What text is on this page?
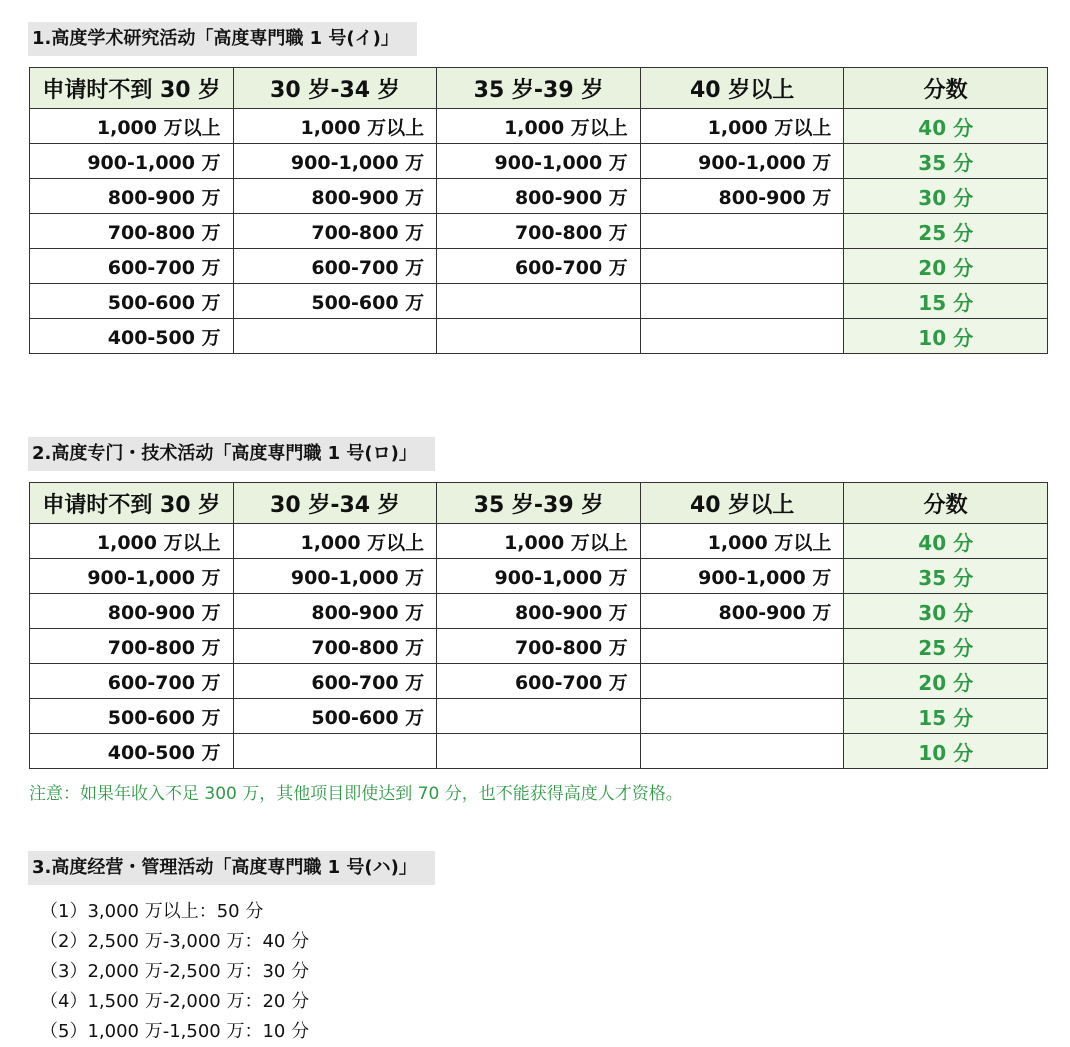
1.高度学术研究活动「高度専門職 1 号(イ)」
申请时不到 30 岁	30 岁-34 岁	35 岁-39 岁	40 岁以上	分数
1,000 万以上	1,000 万以上	1,000 万以上	1,000 万以上	40 分
900-1,000 万	900-1,000 万	900-1,000 万	900-1,000 万	35 分
800-900 万	800-900 万	800-900 万	800-900 万	30 分
700-800 万	700-800 万	700-800 万		25 分
600-700 万	600-700 万	600-700 万		20 分
500-600 万	500-600 万			15 分
400-500 万				10 分
2.高度专门・技术活动「高度専門職 1 号(ロ)」
申请时不到 30 岁	30 岁-34 岁	35 岁-39 岁	40 岁以上	分数
1,000 万以上	1,000 万以上	1,000 万以上	1,000 万以上	40 分
900-1,000 万	900-1,000 万	900-1,000 万	900-1,000 万	35 分
800-900 万	800-900 万	800-900 万	800-900 万	30 分
700-800 万	700-800 万	700-800 万		25 分
600-700 万	600-700 万	600-700 万		20 分
500-600 万	500-600 万			15 分
400-500 万				10 分
注意：如果年收入不足 300 万，其他项目即使达到 70 分，也不能获得高度人才资格。
3.高度经营・管理活动「高度専門職 1 号(ハ)」
（1）3,000 万以上：50 分
（2）2,500 万-3,000 万：40 分
（3）2,000 万-2,500 万：30 分
（4）1,500 万-2,000 万：20 分
（5）1,000 万-1,500 万：10 分
